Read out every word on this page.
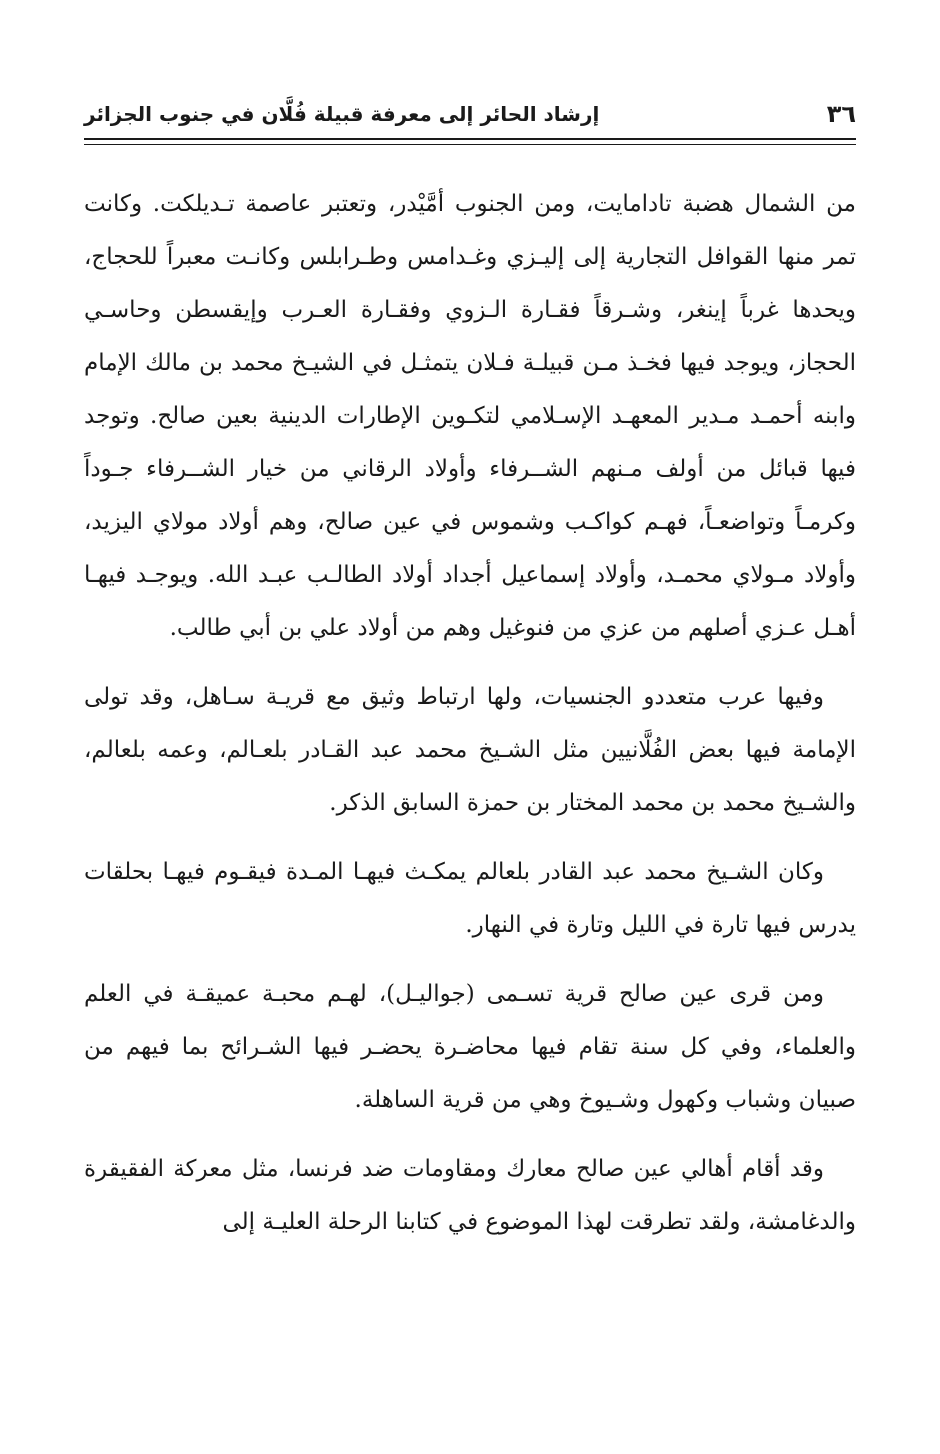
٣٦
إرشاد الحائر إلى معرفة قبيلة فُلَّان في جنوب الجزائر

من الشمال هضبة تادامايت، ومن الجنوب أمَّيْدر، وتعتبر عاصمة تـديلكت. وكانت تمر منها القوافل التجارية إلى إليـزي وغـدامس وطـرابلس وكانـت معبراً للحجاج، ويحدها غرباً إينغر، وشـرقاً فقـارة الـزوي وفقـارة العـرب وإيقسطن وحاسـي الحجاز، ويوجد فيها فخـذ مـن قبيلـة فـلان يتمثـل في الشيـخ محمد بن مالك الإمام وابنه أحمـد مـدير المعهـد الإسـلامي لتكـوين الإطارات الدينية بعين صالح. وتوجد فيها قبائل من أولف مـنهم الشــرفاء وأولاد الرقاني من خيار الشــرفاء جـوداً وكرمـاً وتواضعـاً، فهـم كواكـب وشموس في عين صالح، وهم أولاد مولاي اليزيد، وأولاد مـولاي محمـد، وأولاد إسماعيل أجداد أولاد الطالـب عبـد الله. ويوجـد فيهـا أهـل عـزي أصلهم من عزي من فنوغيل وهم من أولاد علي بن أبي طالب.

وفيها عرب متعددو الجنسيات، ولها ارتباط وثيق مع قريـة سـاهل، وقد تولى الإمامة فيها بعض الفُلَّانيين مثل الشـيخ محمد عبد القـادر بلعـالم، وعمه بلعالم، والشـيخ محمد بن محمد المختار بن حمزة السابق الذكر.

وكان الشـيخ محمد عبد القادر بلعالم يمكـث فيهـا المـدة فيقـوم فيهـا بحلقات يدرس فيها تارة في الليل وتارة في النهار.

ومن قرى عين صالح قرية تسـمى (جواليـل)، لهـم محبـة عميقـة في العلم والعلماء، وفي كل سنة تقام فيها محاضـرة يحضـر فيها الشـرائح بما فيهم من صبيان وشباب وكهول وشـيوخ وهي من قرية الساهلة.

وقد أقام أهالي عين صالح معارك ومقاومات ضد فرنسا، مثل معركة الفقيقرة والدغامشة، ولقد تطرقت لهذا الموضوع في كتابنا الرحلة العليـة إلى
